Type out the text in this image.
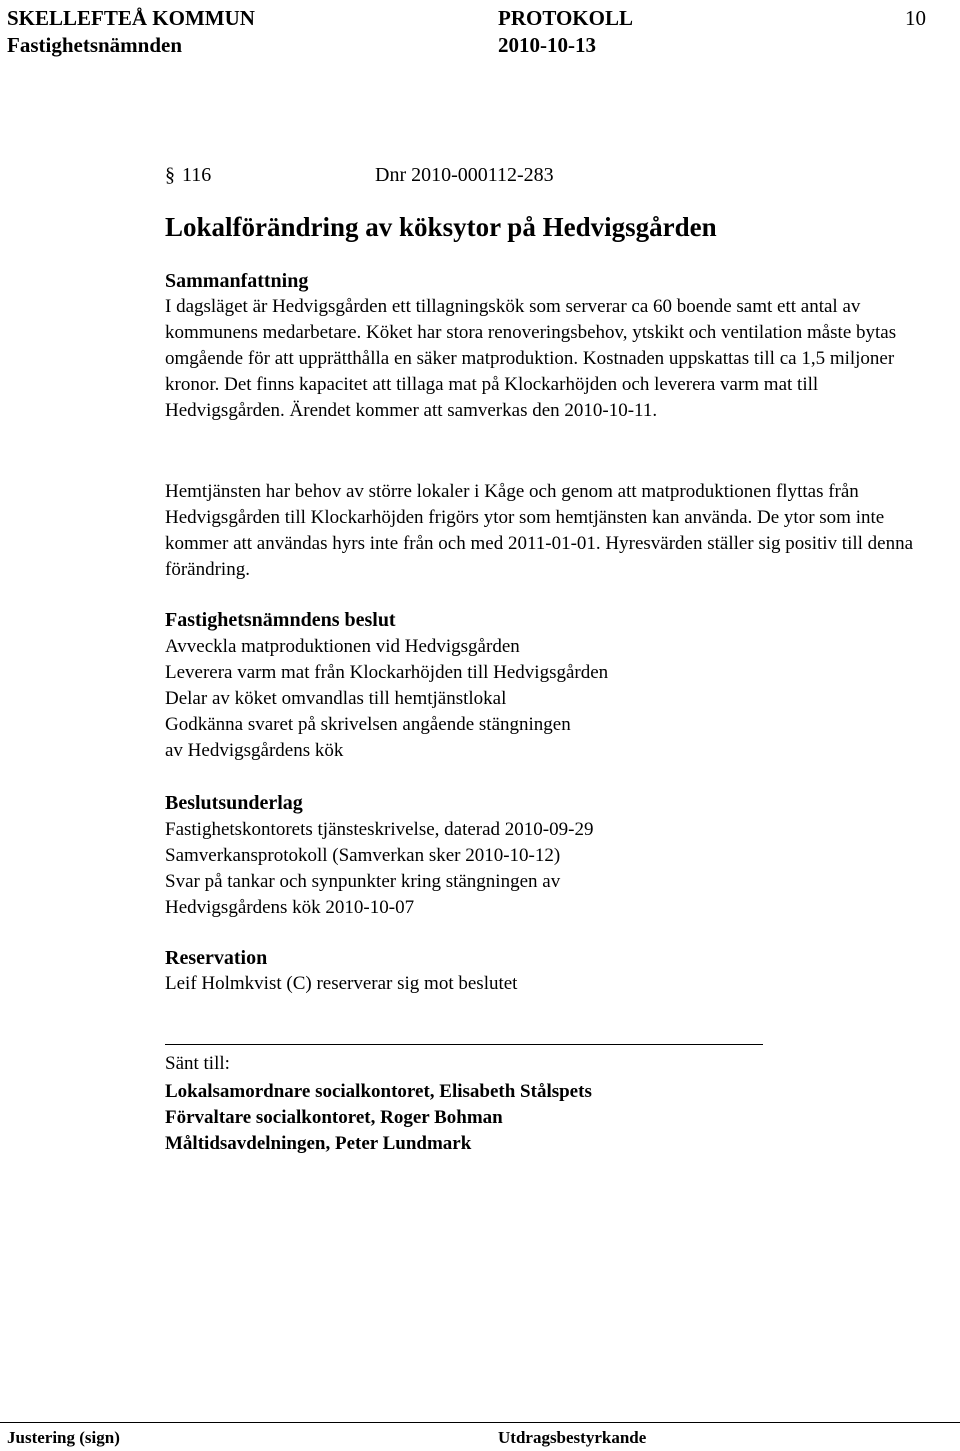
SKELLEFTEÅ KOMMUN	PROTOKOLL	10
Fastighetsnämnden	2010-10-13
§ 116	Dnr 2010-000112-283
Lokalförändring av köksytor på Hedvigsgården
Sammanfattning
I dagsläget är Hedvigsgården ett tillagningskök som serverar ca 60 boende samt ett antal av kommunens medarbetare. Köket har stora renoveringsbehov, ytskikt och ventilation måste bytas omgående för att upprätthålla en säker matproduktion. Kostnaden uppskattas till ca 1,5 miljoner kronor. Det finns kapacitet att tillaga mat på Klockarhöjden och leverera varm mat till Hedvigsgården. Ärendet kommer att samverkas den 2010-10-11.
Hemtjänsten har behov av större lokaler i Kåge och genom att matproduktionen flyttas från Hedvigsgården till Klockarhöjden frigörs ytor som hemtjänsten kan använda. De ytor som inte kommer att användas hyrs inte från och med 2011-01-01. Hyresvärden ställer sig positiv till denna förändring.
Fastighetsnämndens beslut
Avveckla matproduktionen vid Hedvigsgården
Leverera varm mat från Klockarhöjden till Hedvigsgården
Delar av köket omvandlas till hemtjänstlokal
Godkänna svaret på skrivelsen angående stängningen
av Hedvigsgårdens kök
Beslutsunderlag
Fastighetskontorets tjänsteskrivelse, daterad 2010-09-29
Samverkansprotokoll (Samverkan sker 2010-10-12)
Svar på tankar och synpunkter kring stängningen av
Hedvigsgårdens kök 2010-10-07
Reservation
Leif Holmkvist (C) reserverar sig mot beslutet
Sänt till:
Lokalsamordnare socialkontoret, Elisabeth Stålspets
Förvaltare socialkontoret, Roger Bohman
Måltidsavdelningen, Peter Lundmark
Justering (sign)	Utdragsbestyrkande
